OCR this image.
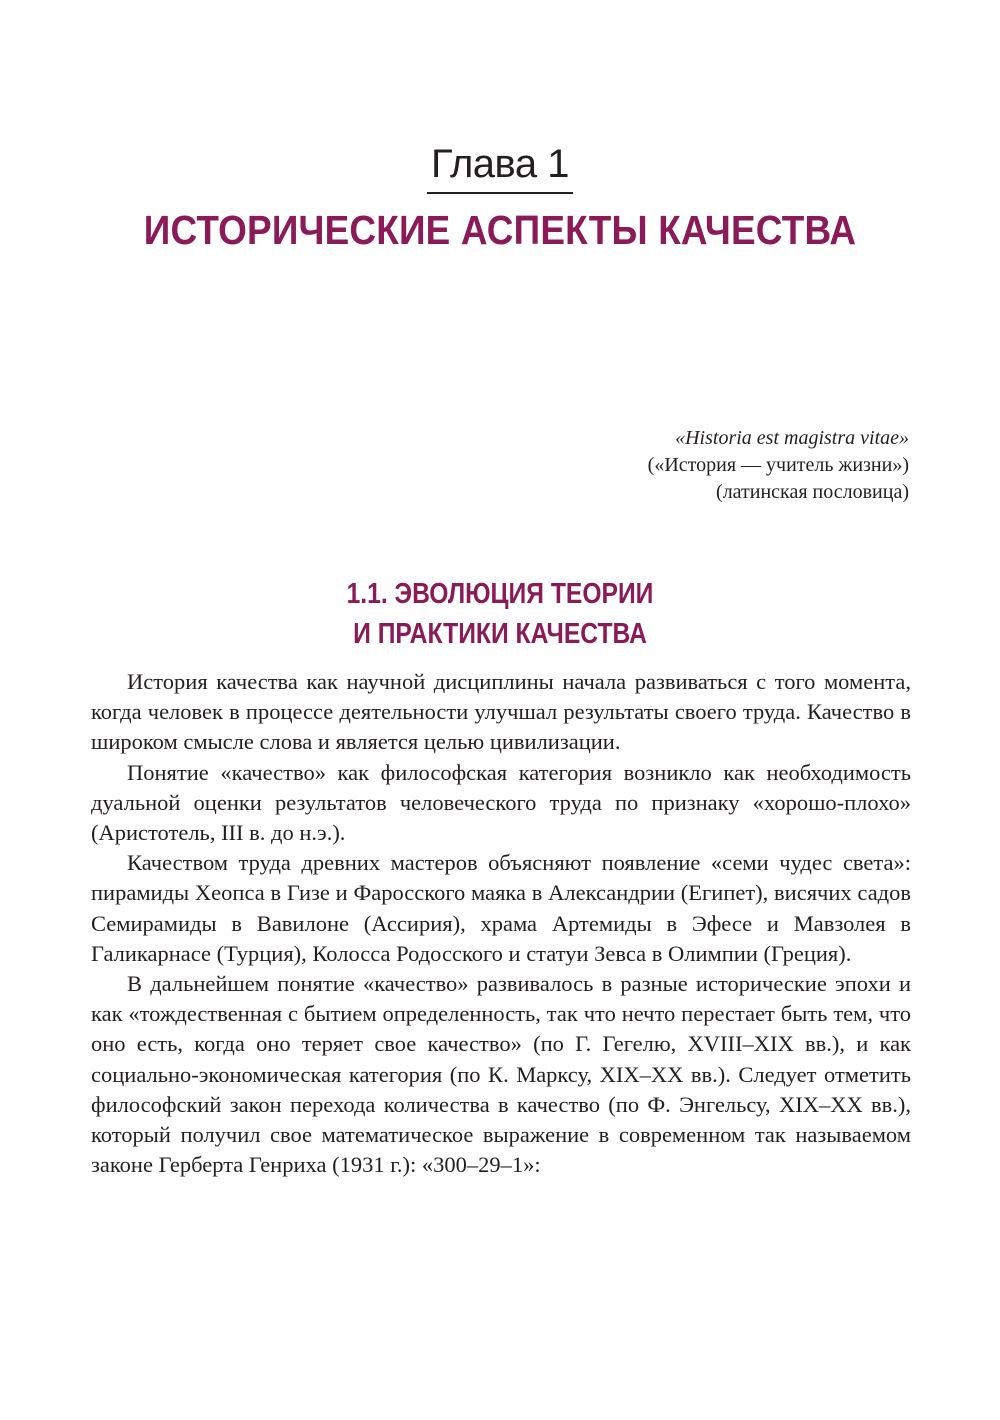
Глава 1
ИСТОРИЧЕСКИЕ АСПЕКТЫ КАЧЕСТВА
«Historia est magistra vitae»
(«История — учитель жизни»)
(латинская пословица)
1.1. ЭВОЛЮЦИЯ ТЕОРИИ
И ПРАКТИКИ КАЧЕСТВА

История качества как научной дисциплины начала развиваться с того момента, когда человек в процессе деятельности улучшал результаты своего труда. Качество в широком смысле слова и является целью цивилизации.

Понятие «качество» как философская категория возникло как необходимость дуальной оценки результатов человеческого труда по признаку «хорошо-плохо» (Аристотель, III в. до н.э.).

Качеством труда древних мастеров объясняют появление «семи чудес света»: пирамиды Хеопса в Гизе и Фаросского маяка в Александрии (Египет), висячих садов Семирамиды в Вавилоне (Ассирия), храма Артемиды в Эфесе и Мавзолея в Галикарнасе (Турция), Колосса Родосского и статуи Зевса в Олимпии (Греция).

В дальнейшем понятие «качество» развивалось в разные исторические эпохи и как «тождественная с бытием определенность, так что нечто перестает быть тем, что оно есть, когда оно теряет свое качество» (по Г. Гегелю, XVIII–XIX вв.), и как социально-экономическая категория (по К. Марксу, XIX–XX вв.). Следует отметить философский закон перехода количества в качество (по Ф. Энгельсу, XIX–XX вв.), который получил свое математическое выражение в современном так называемом законе Герберта Генриха (1931 г.): «300–29–1»:
